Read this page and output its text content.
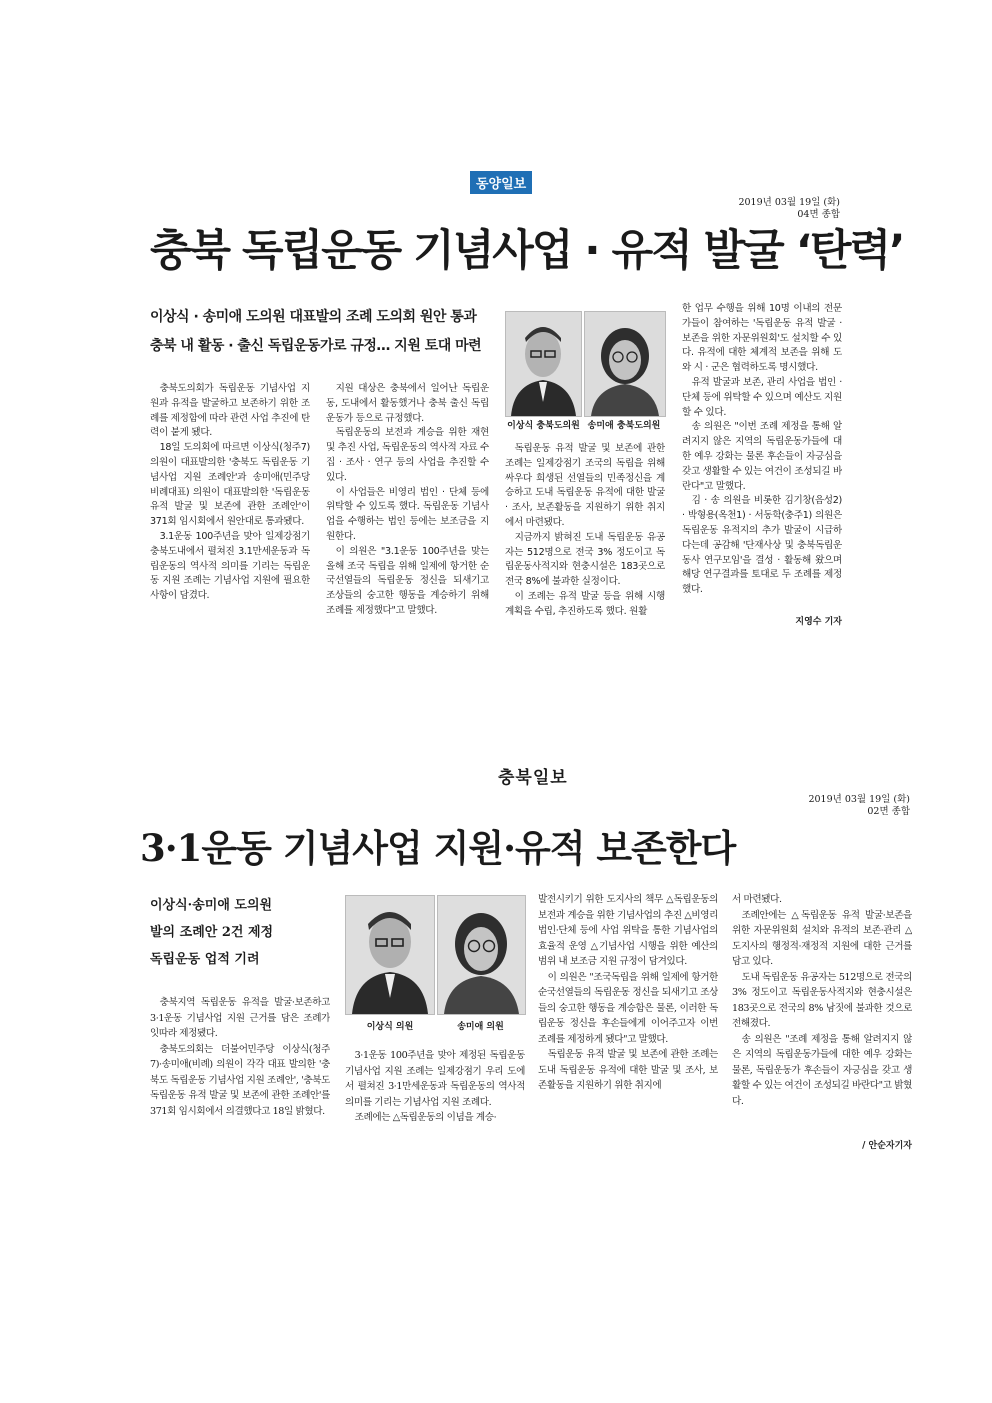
동양일보
2019년 03월 19일 (화)
04면 종합
충북 독립운동 기념사업 · 유적 발굴 ‘탄력’
이상식 · 송미애 도의원 대표발의 조례 도의회 원안 통과
충북 내 활동 · 출신 독립운동가로 규정… 지원 토대 마련

충북도의회가 독립운동 기념사업 지원과 유적을 발굴하고 보존하기 위한 조례를 제정함에 따라 관련 사업 추진에 탄력이 붙게 됐다.

18일 도의회에 따르면 이상식(청주7) 의원이 대표발의한 '충북도 독립운동 기념사업 지원 조례안'과 송미애(민주당 비례대표) 의원이 대표발의한 '독립운동 유적 발굴 및 보존에 관한 조례안'이 371회 임시회에서 원안대로 통과됐다.

3.1운동 100주년을 맞아 일제강점기 충북도내에서 펼쳐진 3.1만세운동과 독립운동의 역사적 의미를 기리는 독립운동 지원 조례는 기념사업 지원에 필요한 사항이 담겼다.

지원 대상은 충북에서 일어난 독립운동, 도내에서 활동했거나 충북 출신 독립운동가 등으로 규정했다.

독립운동의 보전과 계승을 위한 재현 및 추진 사업, 독립운동의 역사적 자료 수집 · 조사 · 연구 등의 사업을 추진할 수 있다.

이 사업들은 비영리 법인 · 단체 등에 위탁할 수 있도록 했다. 독립운동 기념사업을 수행하는 법인 등에는 보조금을 지원한다.

이 의원은 "3.1운동 100주년을 맞는 올해 조국 독립을 위해 일제에 항거한 순국선열들의 독립운동 정신을 되새기고 조상들의 숭고한 행동을 계승하기 위해 조례를 제정했다"고 말했다.

이상식 충북도의원 송미애 충북도의원

독립운동 유적 발굴 및 보존에 관한 조례는 일제강점기 조국의 독립을 위해 싸우다 희생된 선열들의 민족정신을 계승하고 도내 독립운동 유적에 대한 발굴 · 조사, 보존활동을 지원하기 위한 취지에서 마련됐다.

지금까지 밝혀진 도내 독립운동 유공자는 512명으로 전국 3% 정도이고 독립운동사적지와 현충시설은 183곳으로 전국 8%에 불과한 실정이다.

이 조례는 유적 발굴 등을 위해 시행계획을 수립, 추진하도록 했다. 원활

한 업무 수행을 위해 10명 이내의 전문가들이 참여하는 '독립운동 유적 발굴 · 보존을 위한 자문위원회'도 설치할 수 있다. 유적에 대한 체계적 보존을 위해 도와 시 · 군은 협력하도록 명시했다.

유적 발굴과 보존, 관리 사업을 법인 · 단체 등에 위탁할 수 있으며 예산도 지원할 수 있다.

송 의원은 "이번 조례 제정을 통해 알려지지 않은 지역의 독립운동가들에 대한 예우 강화는 물론 후손들이 자긍심을 갖고 생활할 수 있는 여건이 조성되길 바란다"고 말했다.

김 · 송 의원을 비롯한 김기창(음성2) · 박형용(옥천1) · 서동학(충주1) 의원은 독립운동 유적지의 추가 발굴이 시급하다는데 공감해 '단재사상 및 충북독립운동사 연구모임'을 결성 · 활동해 왔으며 해당 연구결과를 토대로 두 조례를 제정했다.

지영수 기자
충북일보
2019년 03월 19일 (화)
02면 종합
3·1운동 기념사업 지원·유적 보존한다
이상식·송미애 도의원
발의 조례안 2건 제정
독립운동 업적 기려

충북지역 독립운동 유적을 발굴·보존하고 3·1운동 기념사업 지원 근거를 담은 조례가 잇따라 제정됐다.

충북도의회는 더불어민주당 이상식(청주 7)·송미애(비례) 의원이 각각 대표 발의한 '충북도 독립운동 기념사업 지원 조례안', '충북도 독립운동 유적 발굴 및 보존에 관한 조례안'를 371회 임시회에서 의결했다고 18일 밝혔다.

이상식 의원	송미애 의원

3·1운동 100주년을 맞아 제정된 독립운동 기념사업 지원 조례는 일제강점기 우리 도에서 펼쳐진 3·1만세운동과 독립운동의 역사적 의미를 기리는 기념사업 지원 조례다.

조례에는 △독립운동의 이념을 계승·

발전시키기 위한 도지사의 책무 △독립운동의 보전과 계승을 위한 기념사업의 추진 △비영리 법인·단체 등에 사업 위탁을 통한 기념사업의 효율적 운영 △기념사업 시행을 위한 예산의 범위 내 보조금 지원 규정이 담겨있다.

이 의원은 "조국독립을 위해 일제에 항거한 순국선열들의 독립운동 정신을 되새기고 조상들의 숭고한 행동을 계승함은 물론, 이러한 독립운동 정신을 후손들에게 이어주고자 이번 조례를 제정하게 됐다"고 말했다.

독립운동 유적 발굴 및 보존에 관한 조례는 도내 독립운동 유적에 대한 발굴 및 조사, 보존활동을 지원하기 위한 취지에

서 마련됐다.

조례안에는 △독립운동 유적 발굴·보존을 위한 자문위원회 설치와 유적의 보존·관리 △도지사의 행정적·재정적 지원에 대한 근거를 담고 있다.

도내 독립운동 유공자는 512명으로 전국의 3% 정도이고 독립운동사적지와 현충시설은 183곳으로 전국의 8% 남짓에 불과한 것으로 전해졌다.

송 의원은 "조례 제정을 통해 알려지지 않은 지역의 독립운동가들에 대한 예우 강화는 물론, 독립운동가 후손들이 자긍심을 갖고 생활할 수 있는 여건이 조성되길 바란다"고 밝혔다.

/ 안순자기자
